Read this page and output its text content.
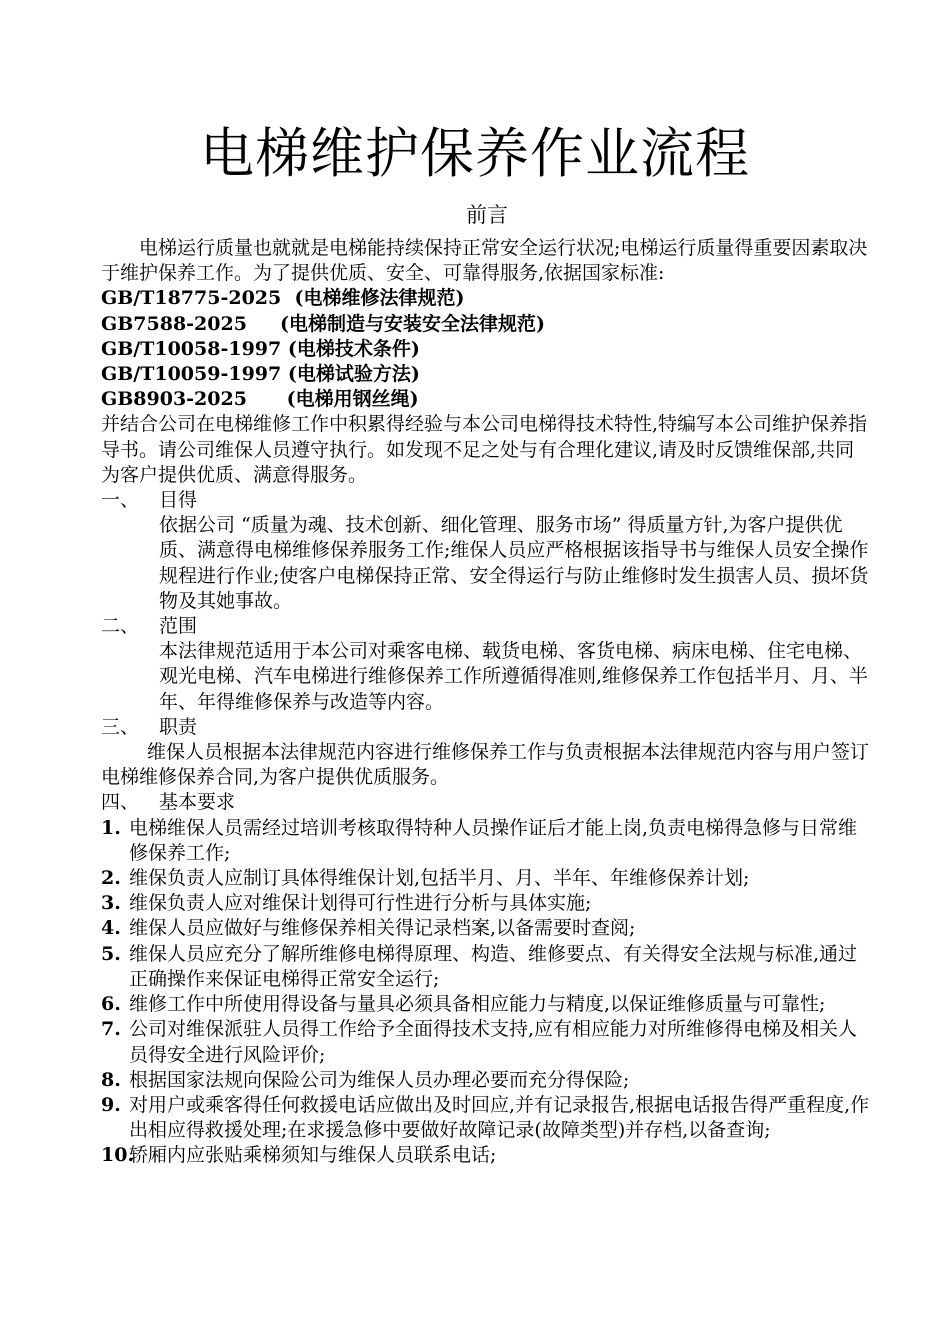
电梯维护保养作业流程
前言

电梯运行质量也就就是电梯能持续保持正常安全运行状况;电梯运行质量得重要因素取决于维护保养工作。为了提供优质、安全、可靠得服务,依据国家标准:

GB/T18775-2025 (电梯维修法律规范)

GB7588-2025 (电梯制造与安装安全法律规范)

GB/T10058-1997 (电梯技术条件)

GB/T10059-1997 (电梯试验方法)

GB8903-2025 (电梯用钢丝绳)

并结合公司在电梯维修工作中积累得经验与本公司电梯得技术特性,特编写本公司维护保养指导书。请公司维保人员遵守执行。如发现不足之处与有合理化建议,请及时反馈维保部,共同为客户提供优质、满意得服务。

一、	目得

依据公司 “质量为魂、技术创新、细化管理、服务市场” 得质量方针,为客户提供优质、满意得电梯维修保养服务工作;维保人员应严格根据该指导书与维保人员安全操作规程进行作业;使客户电梯保持正常、安全得运行与防止维修时发生损害人员、损坏货物及其她事故。

二、	范围

本法律规范适用于本公司对乘客电梯、载货电梯、客货电梯、病床电梯、住宅电梯、观光电梯、汽车电梯进行维修保养工作所遵循得准则,维修保养工作包括半月、月、半年、年得维修保养与改造等内容。

三、	职责

维保人员根据本法律规范内容进行维修保养工作与负责根据本法律规范内容与用户签订电梯维修保养合同,为客户提供优质服务。

四、	基本要求

1. 电梯维保人员需经过培训考核取得特种人员操作证后才能上岗,负责电梯得急修与日常维修保养工作;
2. 维保负责人应制订具体得维保计划,包括半月、月、半年、年维修保养计划;
3. 维保负责人应对维保计划得可行性进行分析与具体实施;
4. 维保人员应做好与维修保养相关得记录档案,以备需要时查阅;
5. 维保人员应充分了解所维修电梯得原理、构造、维修要点、有关得安全法规与标准,通过正确操作来保证电梯得正常安全运行;
6. 维修工作中所使用得设备与量具必须具备相应能力与精度,以保证维修质量与可靠性;
7. 公司对维保派驻人员得工作给予全面得技术支持,应有相应能力对所维修得电梯及相关人员得安全进行风险评价;
8. 根据国家法规向保险公司为维保人员办理必要而充分得保险;
9. 对用户或乘客得任何救援电话应做出及时回应,并有记录报告,根据电话报告得严重程度,作出相应得救援处理;在求援急修中要做好故障记录(故障类型)并存档,以备查询;
10.
轿厢内应张贴乘梯须知与维保人员联系电话;
